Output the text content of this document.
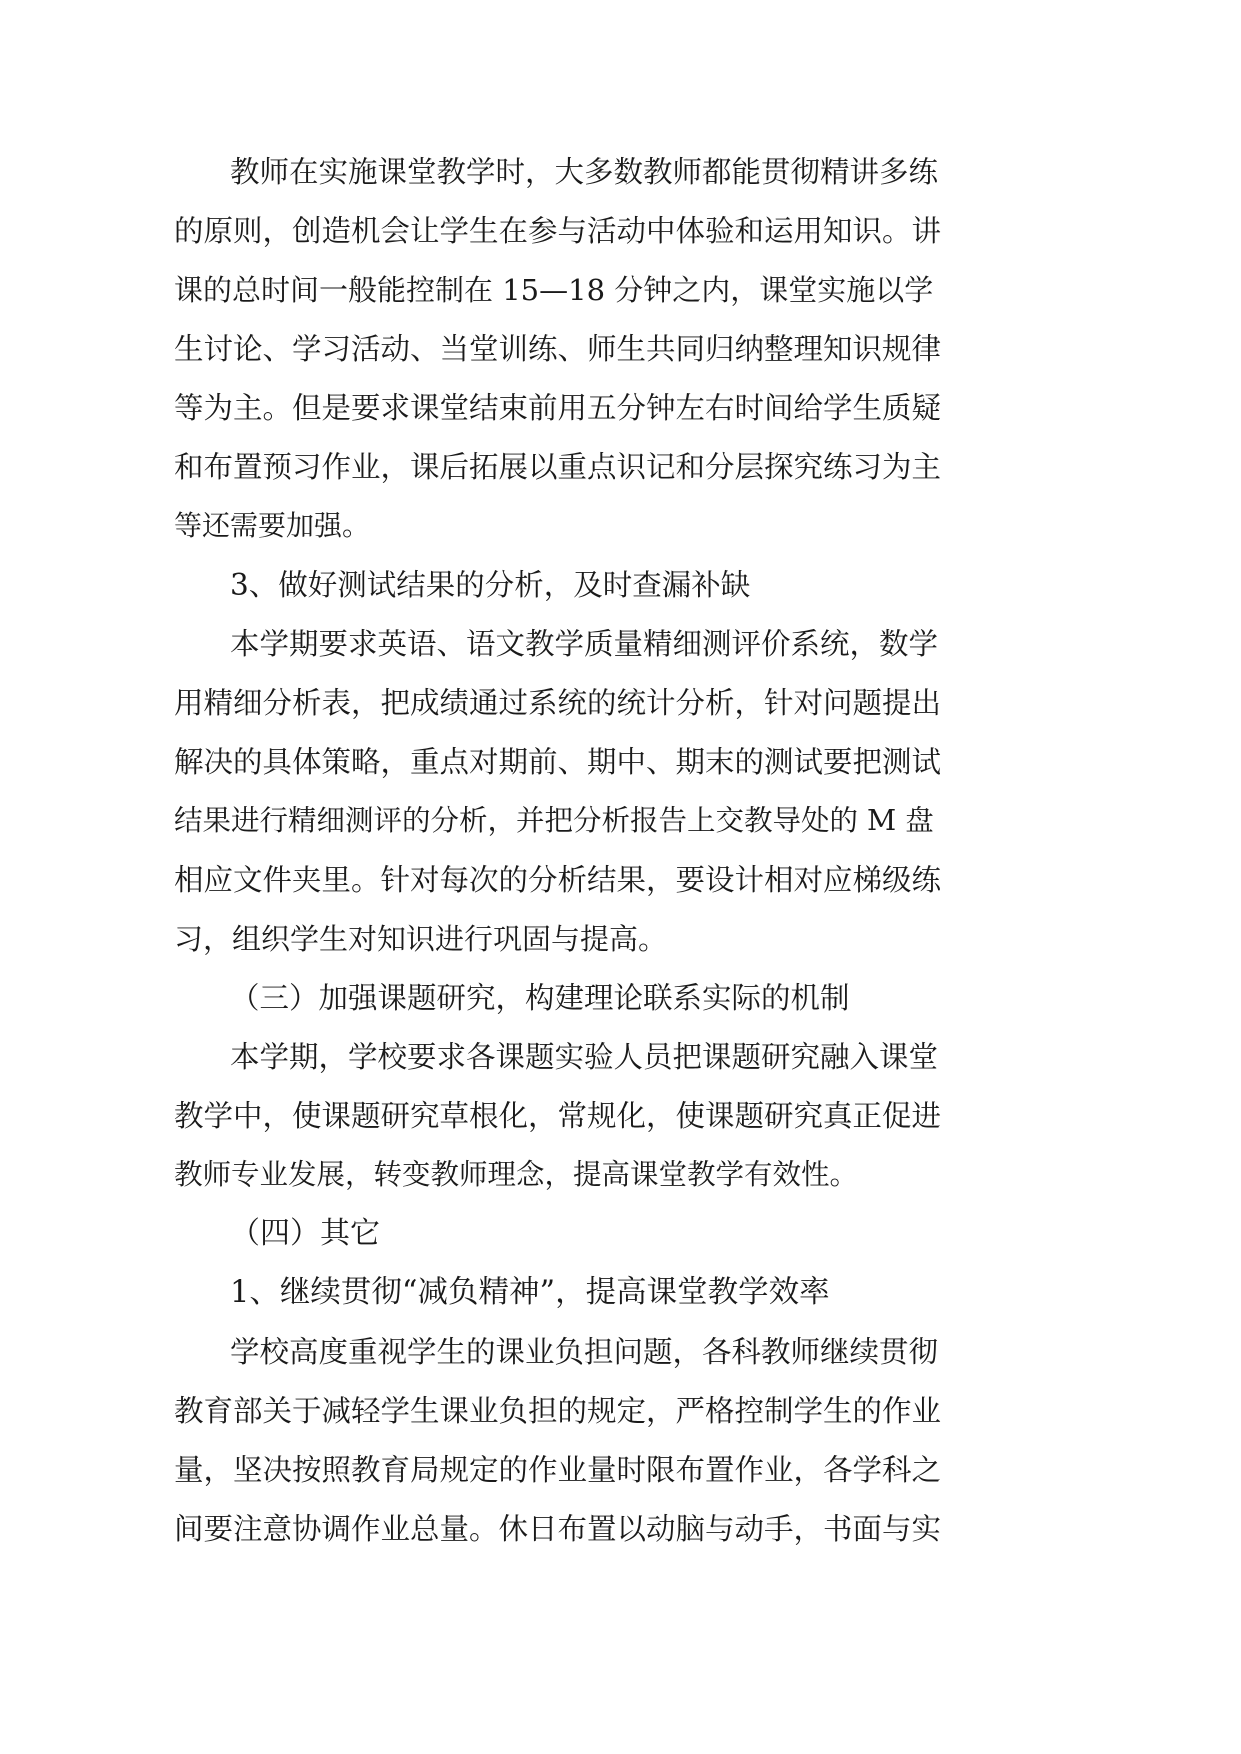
教师在实施课堂教学时，大多数教师都能贯彻精讲多练
的原则，创造机会让学生在参与活动中体验和运用知识。讲
课的总时间一般能控制在 15—18 分钟之内，课堂实施以学
生讨论、学习活动、当堂训练、师生共同归纳整理知识规律
等为主。但是要求课堂结束前用五分钟左右时间给学生质疑
和布置预习作业，课后拓展以重点识记和分层探究练习为主
等还需要加强。
3、做好测试结果的分析，及时查漏补缺
本学期要求英语、语文教学质量精细测评价系统，数学
用精细分析表，把成绩通过系统的统计分析，针对问题提出
解决的具体策略，重点对期前、期中、期末的测试要把测试
结果进行精细测评的分析，并把分析报告上交教导处的 M 盘
相应文件夹里。针对每次的分析结果，要设计相对应梯级练
习，组织学生对知识进行巩固与提高。
（三）加强课题研究，构建理论联系实际的机制
本学期，学校要求各课题实验人员把课题研究融入课堂
教学中，使课题研究草根化，常规化，使课题研究真正促进
教师专业发展，转变教师理念，提高课堂教学有效性。
（四）其它
1、继续贯彻“减负精神”，提高课堂教学效率
学校高度重视学生的课业负担问题，各科教师继续贯彻
教育部关于减轻学生课业负担的规定，严格控制学生的作业
量，坚决按照教育局规定的作业量时限布置作业，各学科之
间要注意协调作业总量。休日布置以动脑与动手，书面与实
